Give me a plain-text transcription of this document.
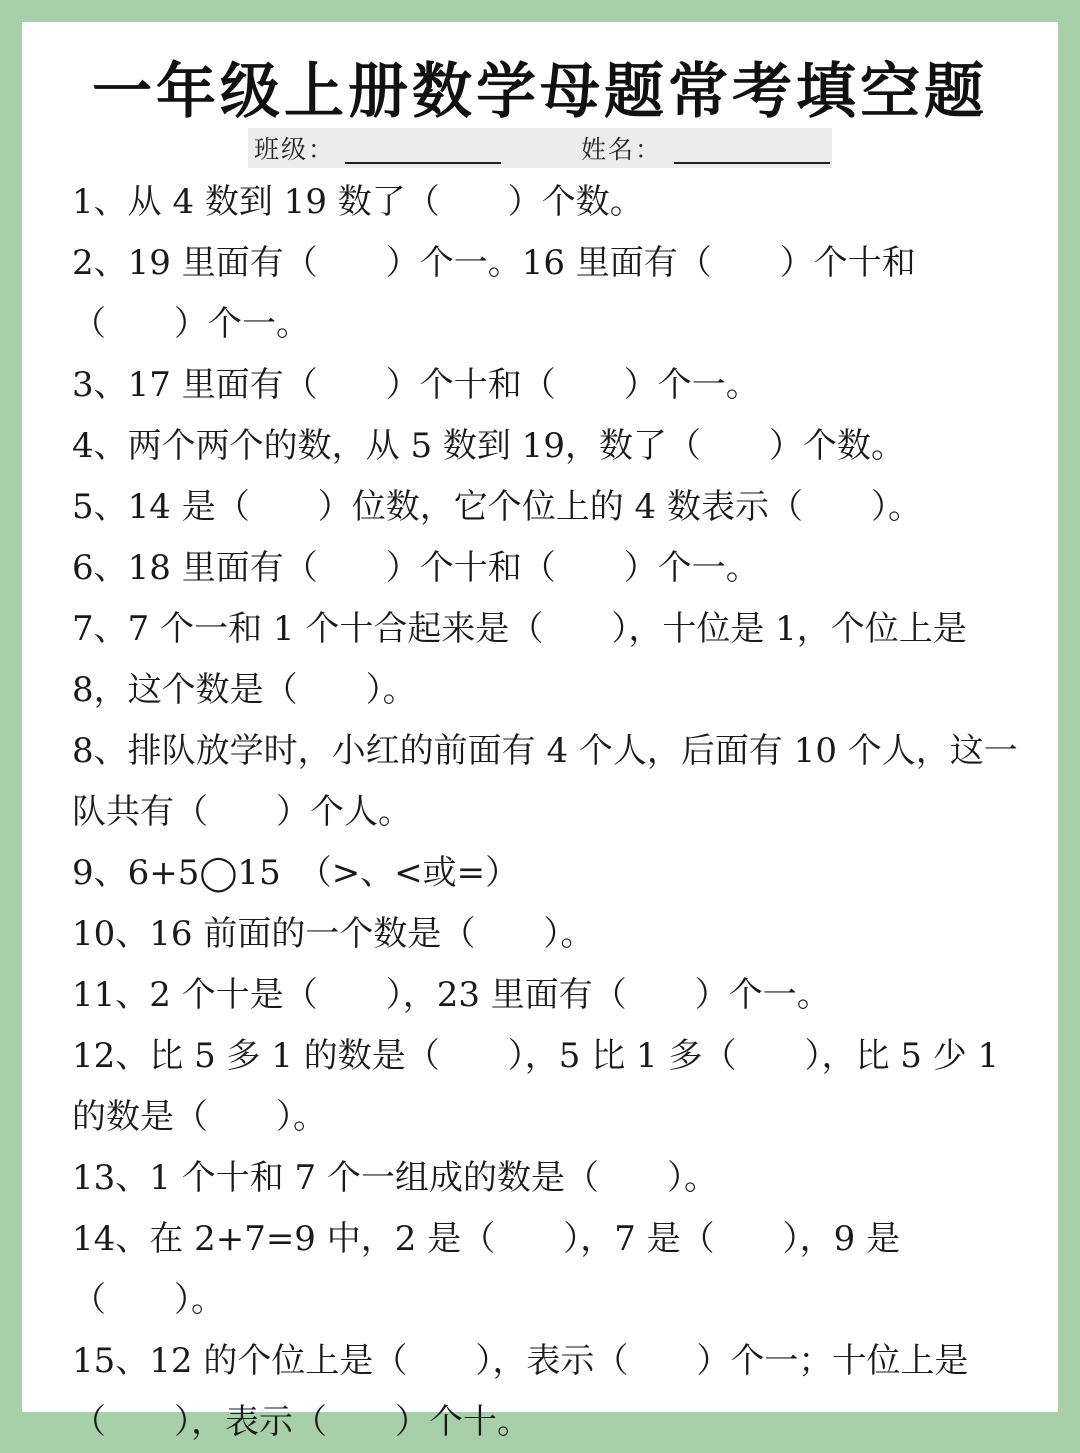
一年级上册数学母题常考填空题
班级：	姓名：

1、从 4 数到 19 数了（　　）个数。

2、19 里面有（　　）个一。16 里面有（　　）个十和（　　）个一。

3、17 里面有（　　）个十和（　　）个一。

4、两个两个的数，从 5 数到 19，数了（　　）个数。

5、14 是（　　）位数，它个位上的 4 数表示（　　）。

6、18 里面有（　　）个十和（　　）个一。

7、7 个一和 1 个十合起来是（　　），十位是 1，个位上是 8，这个数是（　　）。

8、排队放学时，小红的前面有 4 个人，后面有 10 个人，这一队共有（　　）个人。

9、6+5◯15　（>、<或=）

10、16 前面的一个数是（　　）。

11、2 个十是（　　），23 里面有（　　）个一。

12、比 5 多 1 的数是（　　），5 比 1 多（　　），比 5 少 1 的数是（　　）。

13、1 个十和 7 个一组成的数是（　　）。

14、在 2+7=9 中，2 是（　　），7 是（　　），9 是（　　）。

15、12 的个位上是（　　），表示（　　）个一；十位上是（　　），表示（　　）个十。
